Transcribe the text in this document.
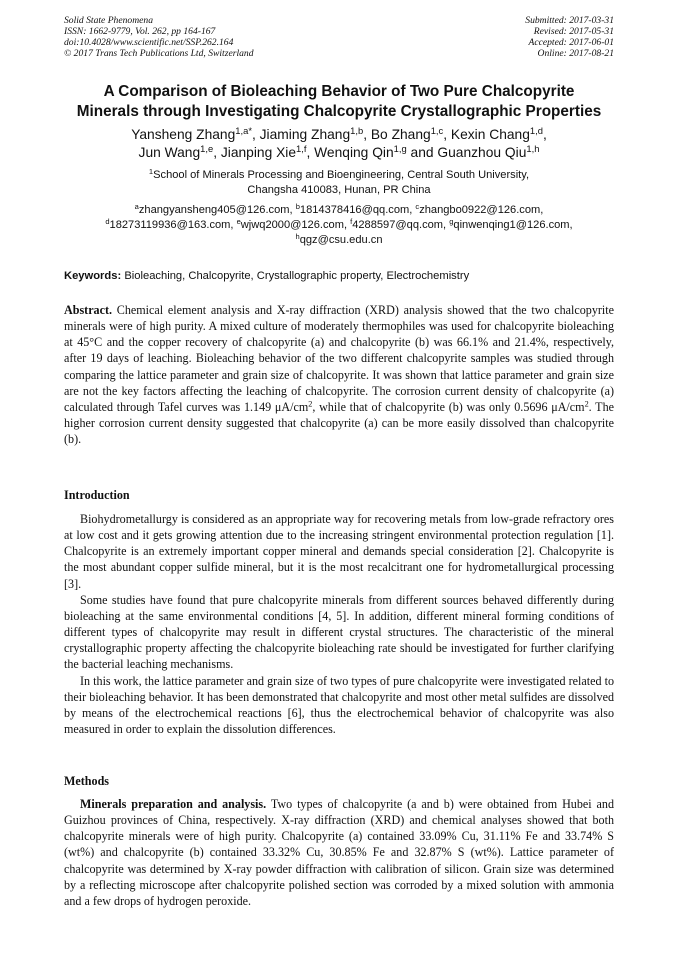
Solid State Phenomena
ISSN: 1662-9779, Vol. 262, pp 164-167
doi:10.4028/www.scientific.net/SSP.262.164
© 2017 Trans Tech Publications Ltd, Switzerland
Submitted: 2017-03-31
Revised: 2017-05-31
Accepted: 2017-06-01
Online: 2017-08-21
A Comparison of Bioleaching Behavior of Two Pure Chalcopyrite
Minerals through Investigating Chalcopyrite Crystallographic Properties
Yansheng Zhang$^{1,a*}$, Jiaming Zhang$^{1,b}$, Bo Zhang$^{1,c}$, Kexin Chang$^{1,d}$,
Jun Wang$^{1,e}$, Jianping Xie$^{1,f}$, Wenqing Qin$^{1,g}$ and Guanzhou Qiu$^{1,h}$
$^1$School of Minerals Processing and Bioengineering, Central South University,
Changsha 410083, Hunan, PR China
$^a$zhangyansheng405@126.com, $^b$1814378416@qq.com, $^c$zhangbo0922@126.com,
$^d$18273119936@163.com, $^e$wjwq2000@126.com, $^f$4288597@qq.com, $^g$qinwenqing1@126.com,
$^h$qgz@csu.edu.cn
Keywords: Bioleaching, Chalcopyrite, Crystallographic property, Electrochemistry
Abstract. Chemical element analysis and X-ray diffraction (XRD) analysis showed that the two chalcopyrite minerals were of high purity. A mixed culture of moderately thermophiles was used for chalcopyrite bioleaching at 45°C and the copper recovery of chalcopyrite (a) and chalcopyrite (b) was 66.1% and 21.4%, respectively, after 19 days of leaching. Bioleaching behavior of the two different chalcopyrite samples was studied through comparing the lattice parameter and grain size of chalcopyrite. It was shown that lattice parameter and grain size are not the key factors affecting the leaching of chalcopyrite. The corrosion current density of chalcopyrite (a) calculated through Tafel curves was 1.149 $\mu A/cm^2$, while that of chalcopyrite (b) was only 0.5696 $\mu A/cm^2$. The higher corrosion current density suggested that chalcopyrite (a) can be more easily dissolved than chalcopyrite (b).
Introduction

Biohydrometallurgy is considered as an appropriate way for recovering metals from low-grade refractory ores at low cost and it gets growing attention due to the increasing stringent environmental protection regulation [1]. Chalcopyrite is an extremely important copper mineral and demands special consideration [2]. Chalcopyrite is the most abundant copper sulfide mineral, but it is the most recalcitrant one for hydrometallurgical processing [3].

Some studies have found that pure chalcopyrite minerals from different sources behaved differently during bioleaching at the same environmental conditions [4, 5]. In addition, different mineral forming conditions of different types of chalcopyrite may result in different crystal structures. The characteristic of the mineral crystallographic property affecting the chalcopyrite bioleaching rate should be investigated for further clarifying the bacterial leaching mechanisms.

In this work, the lattice parameter and grain size of two types of pure chalcopyrite were investigated related to their bioleaching behavior. It has been demonstrated that chalcopyrite and most other metal sulfides are dissolved by means of the electrochemical reactions [6], thus the electrochemical behavior of chalcopyrite was also measured in order to explain the dissolution differences.

Methods

Minerals preparation and analysis. Two types of chalcopyrite (a and b) were obtained from Hubei and Guizhou provinces of China, respectively. X-ray diffraction (XRD) and chemical analyses showed that both chalcopyrite minerals were of high purity. Chalcopyrite (a) contained 33.09% Cu, 31.11% Fe and 33.74% S (wt%) and chalcopyrite (b) contained 33.32% Cu, 30.85% Fe and 32.87% S (wt%). Lattice parameter of chalcopyrite was determined by X-ray powder diffraction with calibration of silicon. Grain size was determined by a reflecting microscope after chalcopyrite polished section was corroded by a mixed solution with ammonia and a few drops of hydrogen peroxide.
